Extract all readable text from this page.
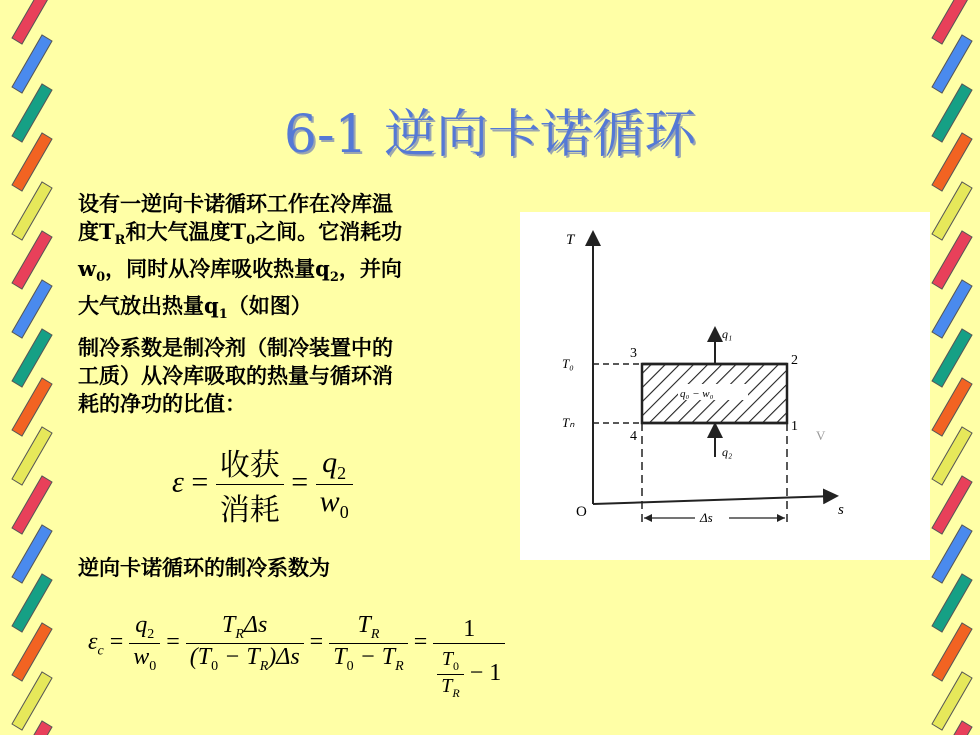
6-1 逆向卡诺循环
设有一逆向卡诺循环工作在冷库温
度$T_R$和大气温度$T_0$之间。它消耗功
$w_0$，同时从冷库吸收热量$q_2$，并向
大气放出热量$q_1$（如图）
制冷系数是制冷剂（制冷装置中的
工质）从冷库吸取的热量与循环消
耗的净功的比值：
$\varepsilon = \frac{\text{收获}}{\text{消耗}} = \frac{q_2}{w_0}$
逆向卡诺循环的制冷系数为
$\varepsilon_c = \frac{q_2}{w_0} = \frac{T_R\Delta s}{(T_0 - T_R)\Delta s} = \frac{T_R}{T_0 - T_R} = \frac{1}{\frac{T_0}{T_R} - 1}$
T
s
O
T₀
Tₙ
q₀ − w₀
1
2
3
4
q₁
q₂
Δs
V
